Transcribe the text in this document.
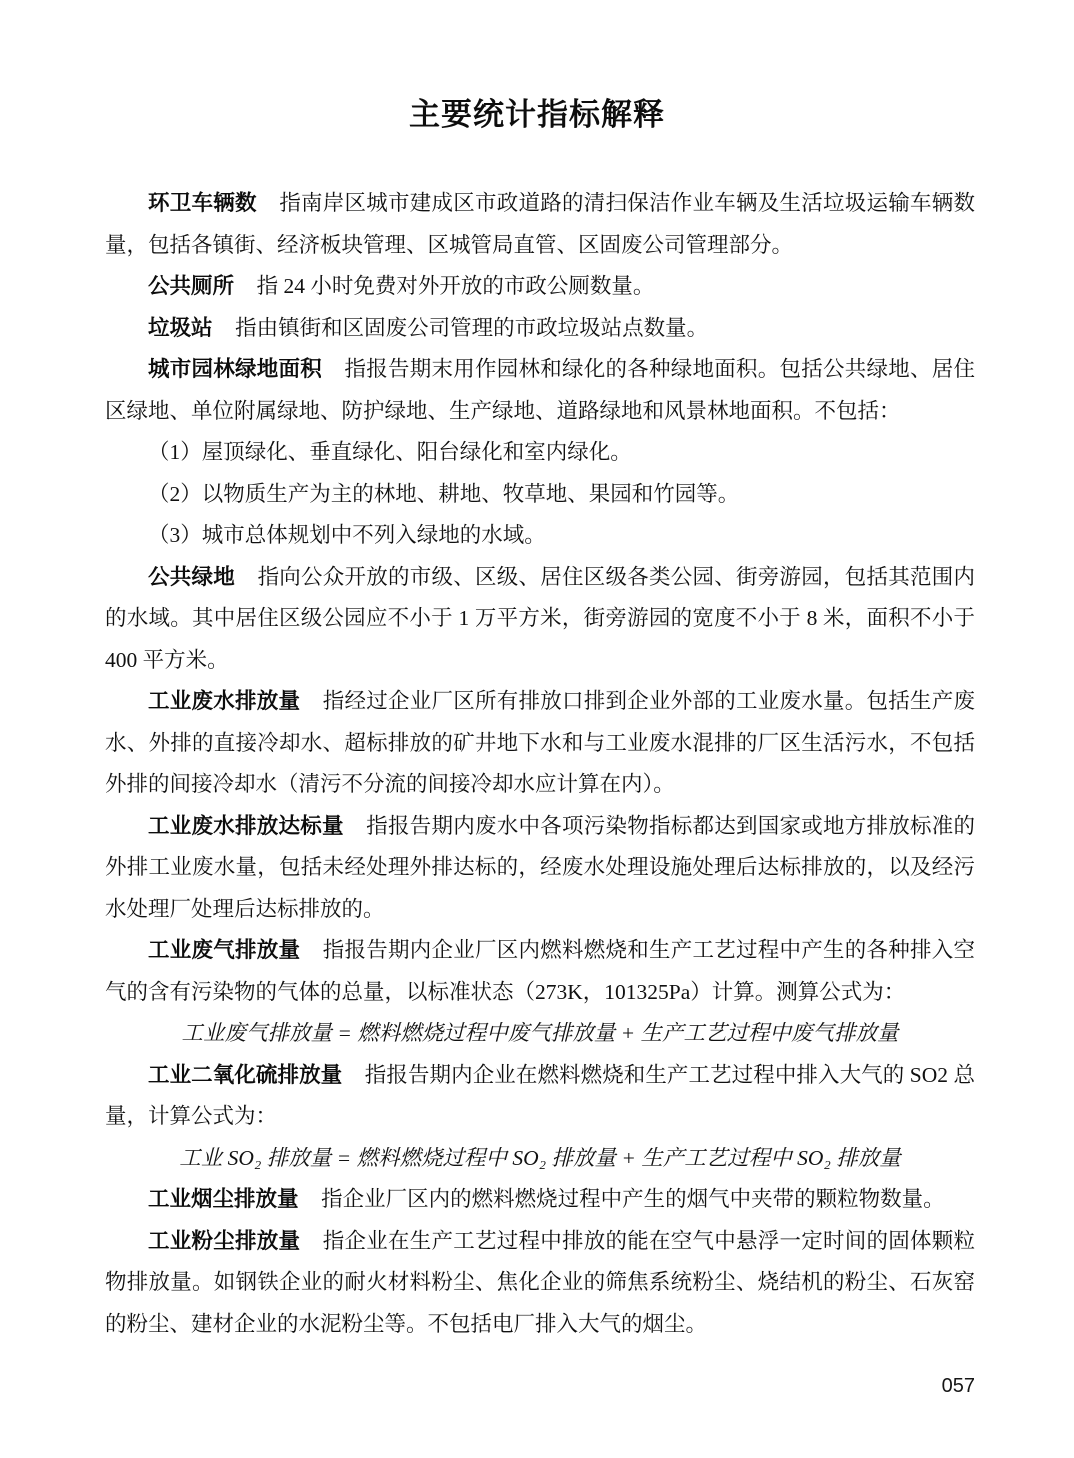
主要统计指标解释

环卫车辆数 指南岸区城市建成区市政道路的清扫保洁作业车辆及生活垃圾运输车辆数量，包括各镇街、经济板块管理、区城管局直管、区固废公司管理部分。

公共厕所 指 24 小时免费对外开放的市政公厕数量。

垃圾站 指由镇街和区固废公司管理的市政垃圾站点数量。

城市园林绿地面积 指报告期末用作园林和绿化的各种绿地面积。包括公共绿地、居住区绿地、单位附属绿地、防护绿地、生产绿地、道路绿地和风景林地面积。不包括：

（1）屋顶绿化、垂直绿化、阳台绿化和室内绿化。

（2）以物质生产为主的林地、耕地、牧草地、果园和竹园等。

（3）城市总体规划中不列入绿地的水域。

公共绿地 指向公众开放的市级、区级、居住区级各类公园、街旁游园，包括其范围内的水域。其中居住区级公园应不小于 1 万平方米，街旁游园的宽度不小于 8 米，面积不小于 400 平方米。

工业废水排放量 指经过企业厂区所有排放口排到企业外部的工业废水量。包括生产废水、外排的直接冷却水、超标排放的矿井地下水和与工业废水混排的厂区生活污水，不包括外排的间接冷却水（清污不分流的间接冷却水应计算在内）。

工业废水排放达标量 指报告期内废水中各项污染物指标都达到国家或地方排放标准的外排工业废水量，包括未经处理外排达标的，经废水处理设施处理后达标排放的，以及经污水处理厂处理后达标排放的。

工业废气排放量 指报告期内企业厂区内燃料燃烧和生产工艺过程中产生的各种排入空气的含有污染物的气体的总量，以标准状态（273K，101325Pa）计算。测算公式为：

工业废气排放量 = 燃料燃烧过程中废气排放量 + 生产工艺过程中废气排放量

工业二氧化硫排放量 指报告期内企业在燃料燃烧和生产工艺过程中排入大气的 SO2 总量，计算公式为：

工业 SO₂ 排放量 = 燃料燃烧过程中 SO₂ 排放量 + 生产工艺过程中 SO₂ 排放量

工业烟尘排放量 指企业厂区内的燃料燃烧过程中产生的烟气中夹带的颗粒物数量。

工业粉尘排放量 指企业在生产工艺过程中排放的能在空气中悬浮一定时间的固体颗粒物排放量。如钢铁企业的耐火材料粉尘、焦化企业的筛焦系统粉尘、烧结机的粉尘、石灰窑的粉尘、建材企业的水泥粉尘等。不包括电厂排入大气的烟尘。

057
